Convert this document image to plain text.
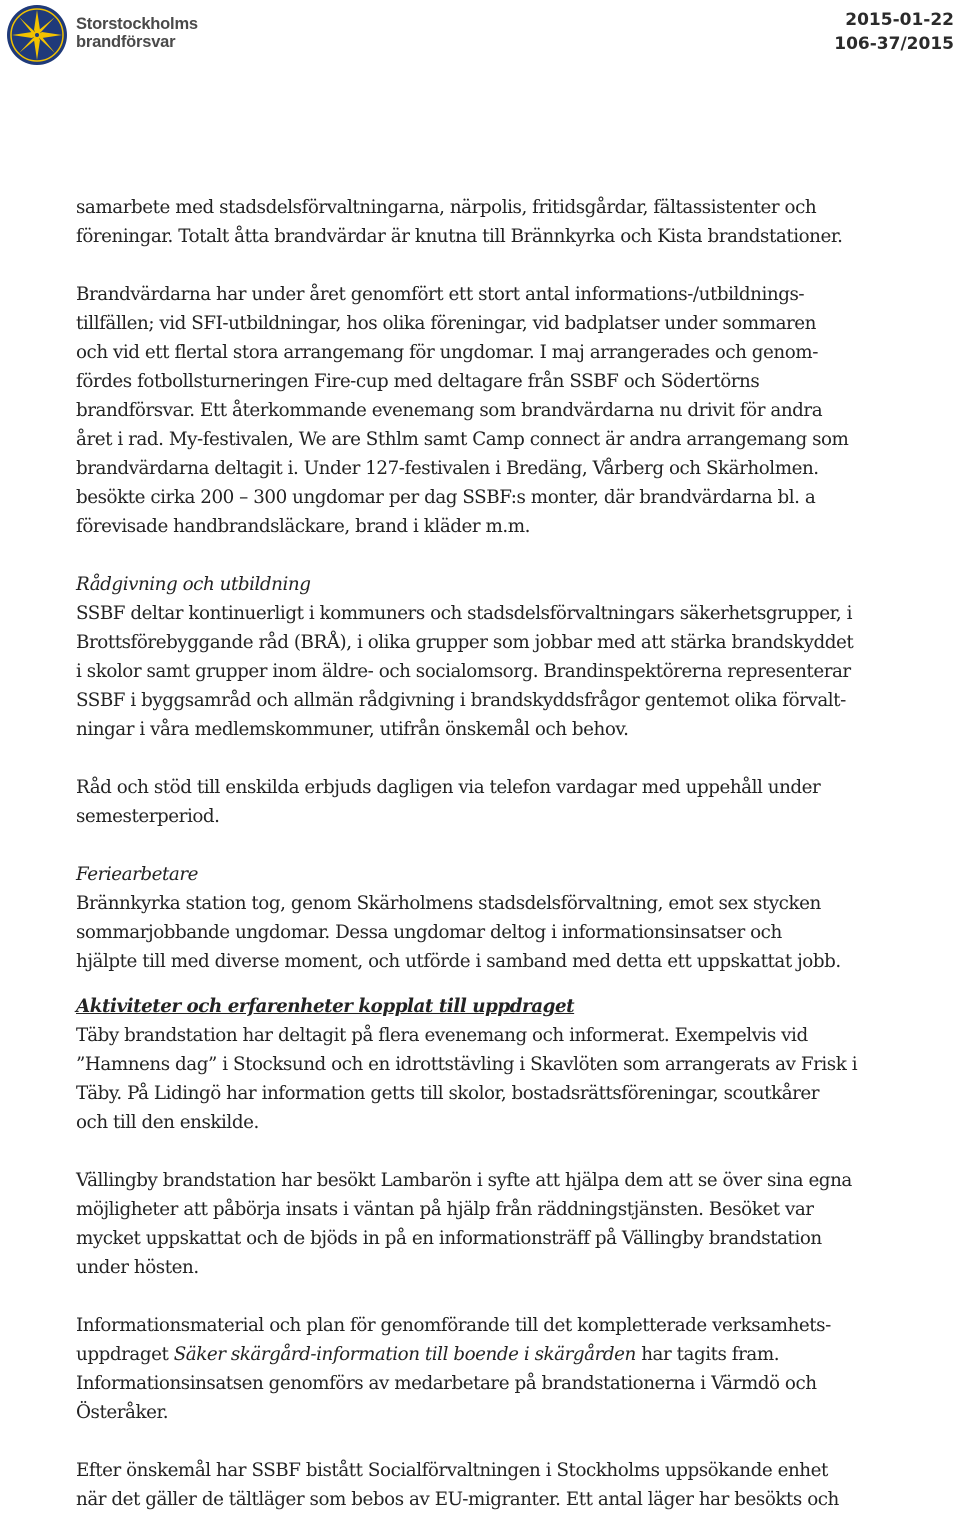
Storstockholms
brandförsvar
2015-01-22
106-37/2015

samarbete med stadsdelsförvaltningarna, närpolis, fritidsgårdar, fältassistenter och
föreningar. Totalt åtta brandvärdar är knutna till Brännkyrka och Kista brandstationer.

Brandvärdarna har under året genomfört ett stort antal informations-/utbildnings-
tillfällen; vid SFI-utbildningar, hos olika föreningar, vid badplatser under sommaren
och vid ett flertal stora arrangemang för ungdomar. I maj arrangerades och genom-
fördes fotbollsturneringen Fire-cup med deltagare från SSBF och Södertörns
brandförsvar. Ett återkommande evenemang som brandvärdarna nu drivit för andra
året i rad. My-festivalen, We are Sthlm samt Camp connect är andra arrangemang som
brandvärdarna deltagit i. Under 127-festivalen i Bredäng, Vårberg och Skärholmen.
besökte cirka 200 – 300 ungdomar per dag SSBF:s monter, där brandvärdarna bl. a
förevisade handbrandsläckare, brand i kläder m.m.

Rådgivning och utbildning

SSBF deltar kontinuerligt i kommuners och stadsdelsförvaltningars säkerhetsgrupper, i
Brottsförebyggande råd (BRÅ), i olika grupper som jobbar med att stärka brandskyddet
i skolor samt grupper inom äldre- och socialomsorg. Brandinspektörerna representerar
SSBF i byggsamråd och allmän rådgivning i brandskyddsfrågor gentemot olika förvalt-
ningar i våra medlemskommuner, utifrån önskemål och behov.

Råd och stöd till enskilda erbjuds dagligen via telefon vardagar med uppehåll under
semesterperiod.

Feriearbetare

Brännkyrka station tog, genom Skärholmens stadsdelsförvaltning, emot sex stycken
sommarjobbande ungdomar. Dessa ungdomar deltog i informationsinsatser och
hjälpte till med diverse moment, och utförde i samband med detta ett uppskattat jobb.

Aktiviteter och erfarenheter kopplat till uppdraget

Täby brandstation har deltagit på flera evenemang och informerat. Exempelvis vid
”Hamnens dag” i Stocksund och en idrottstävling i Skavlöten som arrangerats av Frisk i
Täby. På Lidingö har information getts till skolor, bostadsrättsföreningar, scoutkårer
och till den enskilde.

Vällingby brandstation har besökt Lambarön i syfte att hjälpa dem att se över sina egna
möjligheter att påbörja insats i väntan på hjälp från räddningstjänsten. Besöket var
mycket uppskattat och de bjöds in på en informationsträff på Vällingby brandstation
under hösten.

Informationsmaterial och plan för genomförande till det kompletterade verksamhets-
uppdraget Säker skärgård-information till boende i skärgården har tagits fram.
Informationsinsatsen genomförs av medarbetare på brandstationerna i Värmdö och
Österåker.

Efter önskemål har SSBF bistått Socialförvaltningen i Stockholms uppsökande enhet
när det gäller de tältläger som bebos av EU-migranter. Ett antal läger har besökts och
